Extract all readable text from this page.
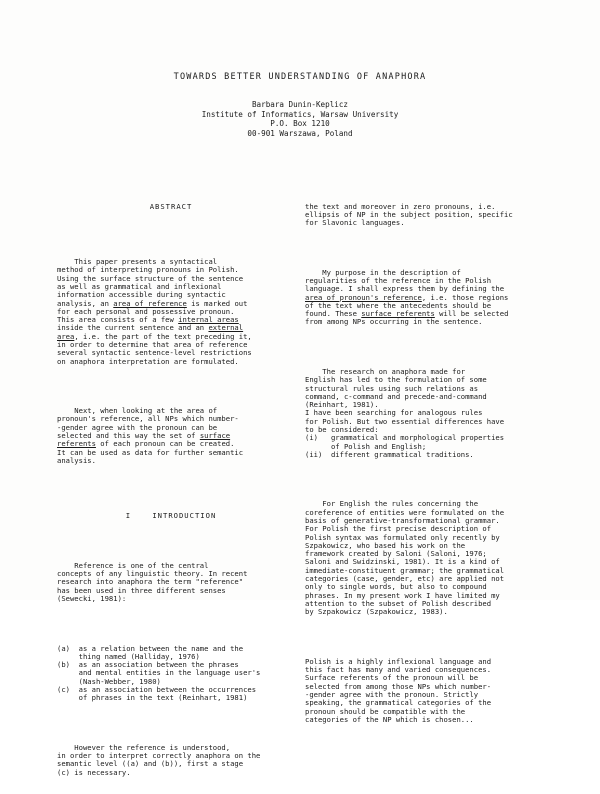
TOWARDS BETTER UNDERSTANDING OF ANAPHORA
Barbara Dunin-Keplicz
Institute of Informatics, Warsaw University
P.O. Box 1210
00-901 Warszawa, Poland

ABSTRACT

This paper presents a syntactical
method of interpreting pronouns in Polish.
Using the surface structure of the sentence
as well as grammatical and inflexional
information accessible during syntactic
analysis, an area of reference is marked out
for each personal and possessive pronoun.
This area consists of a few internal areas
inside the current sentence and an external
area, i.e. the part of the text preceding it,
in order to determine that area of reference
several syntactic sentence-level restrictions
on anaphora interpretation are formulated.

Next, when looking at the area of
pronoun's reference, all NPs which number-
-gender agree with the pronoun can be
selected and this way the set of surface
referents of each pronoun can be created.
It can be used as data for further semantic
analysis.

I    INTRODUCTION

Reference is one of the central
concepts of any linguistic theory. In recent
research into anaphora the term "reference"
has been used in three different senses
(Sewecki, 1981):

(a)  as a relation between the name and the
thing named (Halliday, 1976)
(b)  as an association between the phrases
and mental entities in the language user's
(Nash-Webber, 1980)
(c)  as an association between the occurrences
of phrases in the text (Reinhart, 1981)

However the reference is understood,
in order to interpret correctly anaphora on the
semantic level ((a) and (b)), first a stage
(c) is necessary.

the text and moreover in zero pronouns, i.e.
ellipsis of NP in the subject position, specific
for Slavonic languages.

My purpose in the description of
regularities of the reference in the Polish
language. I shall express them by defining the
area of pronoun's reference, i.e. those regions
of the text where the antecedents should be
found. These surface referents will be selected
from among NPs occurring in the sentence.

The research on anaphora made for
English has led to the formulation of some
structural rules using such relations as
command, c-command and precede-and-command
(Reinhart, 1981).
I have been searching for analogous rules
for Polish. But two essential differences have
to be considered:
(i)   grammatical and morphological properties
of Polish and English;
(ii)  different grammatical traditions.

For English the rules concerning the
coreference of entities were formulated on the
basis of generative-transformational grammar.
For Polish the first precise description of
Polish syntax was formulated only recently by
Szpakowicz, who based his work on the
framework created by Saloni (Saloni, 1976;
Saloni and Swidzinski, 1981). It is a kind of
immediate-constituent grammar; the grammatical
categories (case, gender, etc) are applied not
only to single words, but also to compound
phrases. In my present work I have limited my
attention to the subset of Polish described
by Szpakowicz (Szpakowicz, 1983).

Polish is a highly inflexional language and
this fact has many and varied consequences.
Surface referents of the pronoun will be
selected from among those NPs which number-
-gender agree with the pronoun. Strictly
speaking, the grammatical categories of the
pronoun should be compatible with the
categories of the NP which is chosen...
